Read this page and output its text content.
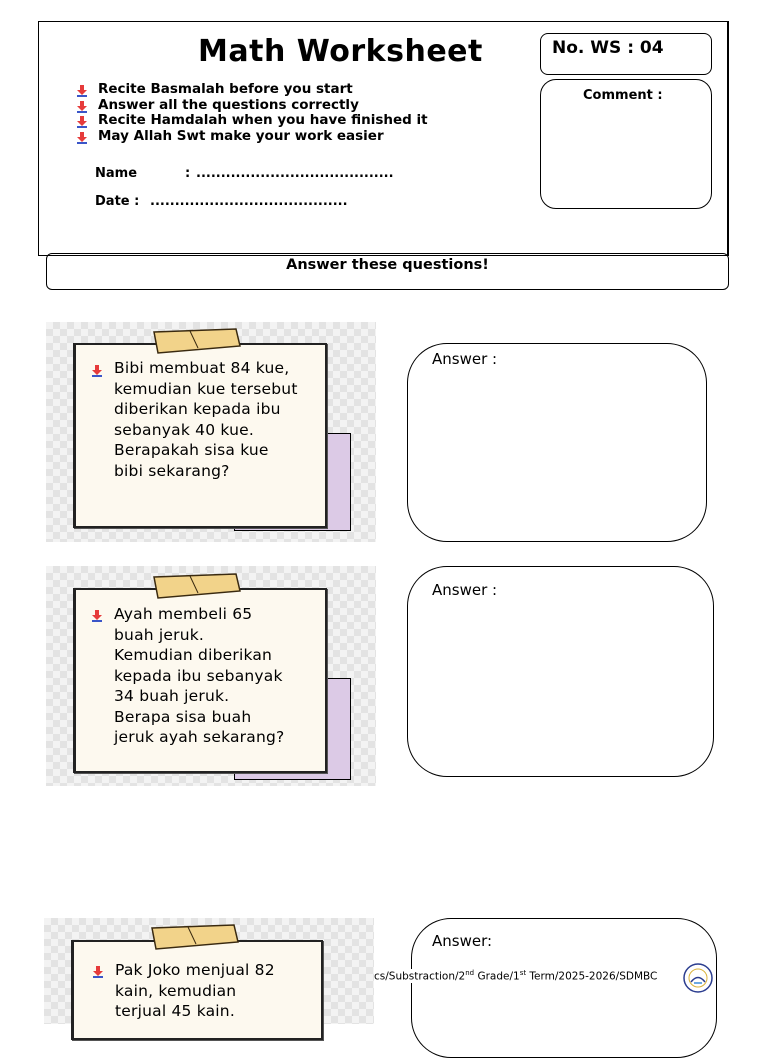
Math Worksheet	No. WS : 04
Comment :
Recite Basmalah before you start
Answer all the questions correctly
Recite Hamdalah when you have finished it
May Allah Swt make your work easier
Name	: ........................................
Date : ........................................
Answer these questions!
Bibi membuat 84 kue,
kemudian kue tersebut
diberikan kepada ibu
sebanyak 40 kue.
Berapakah sisa kue
bibi sekarang?
Answer :
Ayah membeli 65
buah jeruk.
Kemudian diberikan
kepada ibu sebanyak
34 buah jeruk.
Berapa sisa buah
jeruk ayah sekarang?
Answer :
Pak Joko menjual 82
kain, kemudian
terjual 45 kain.
Answer:
cs/Substraction/2nd Grade/1st Term/2025-2026/SDMBC
